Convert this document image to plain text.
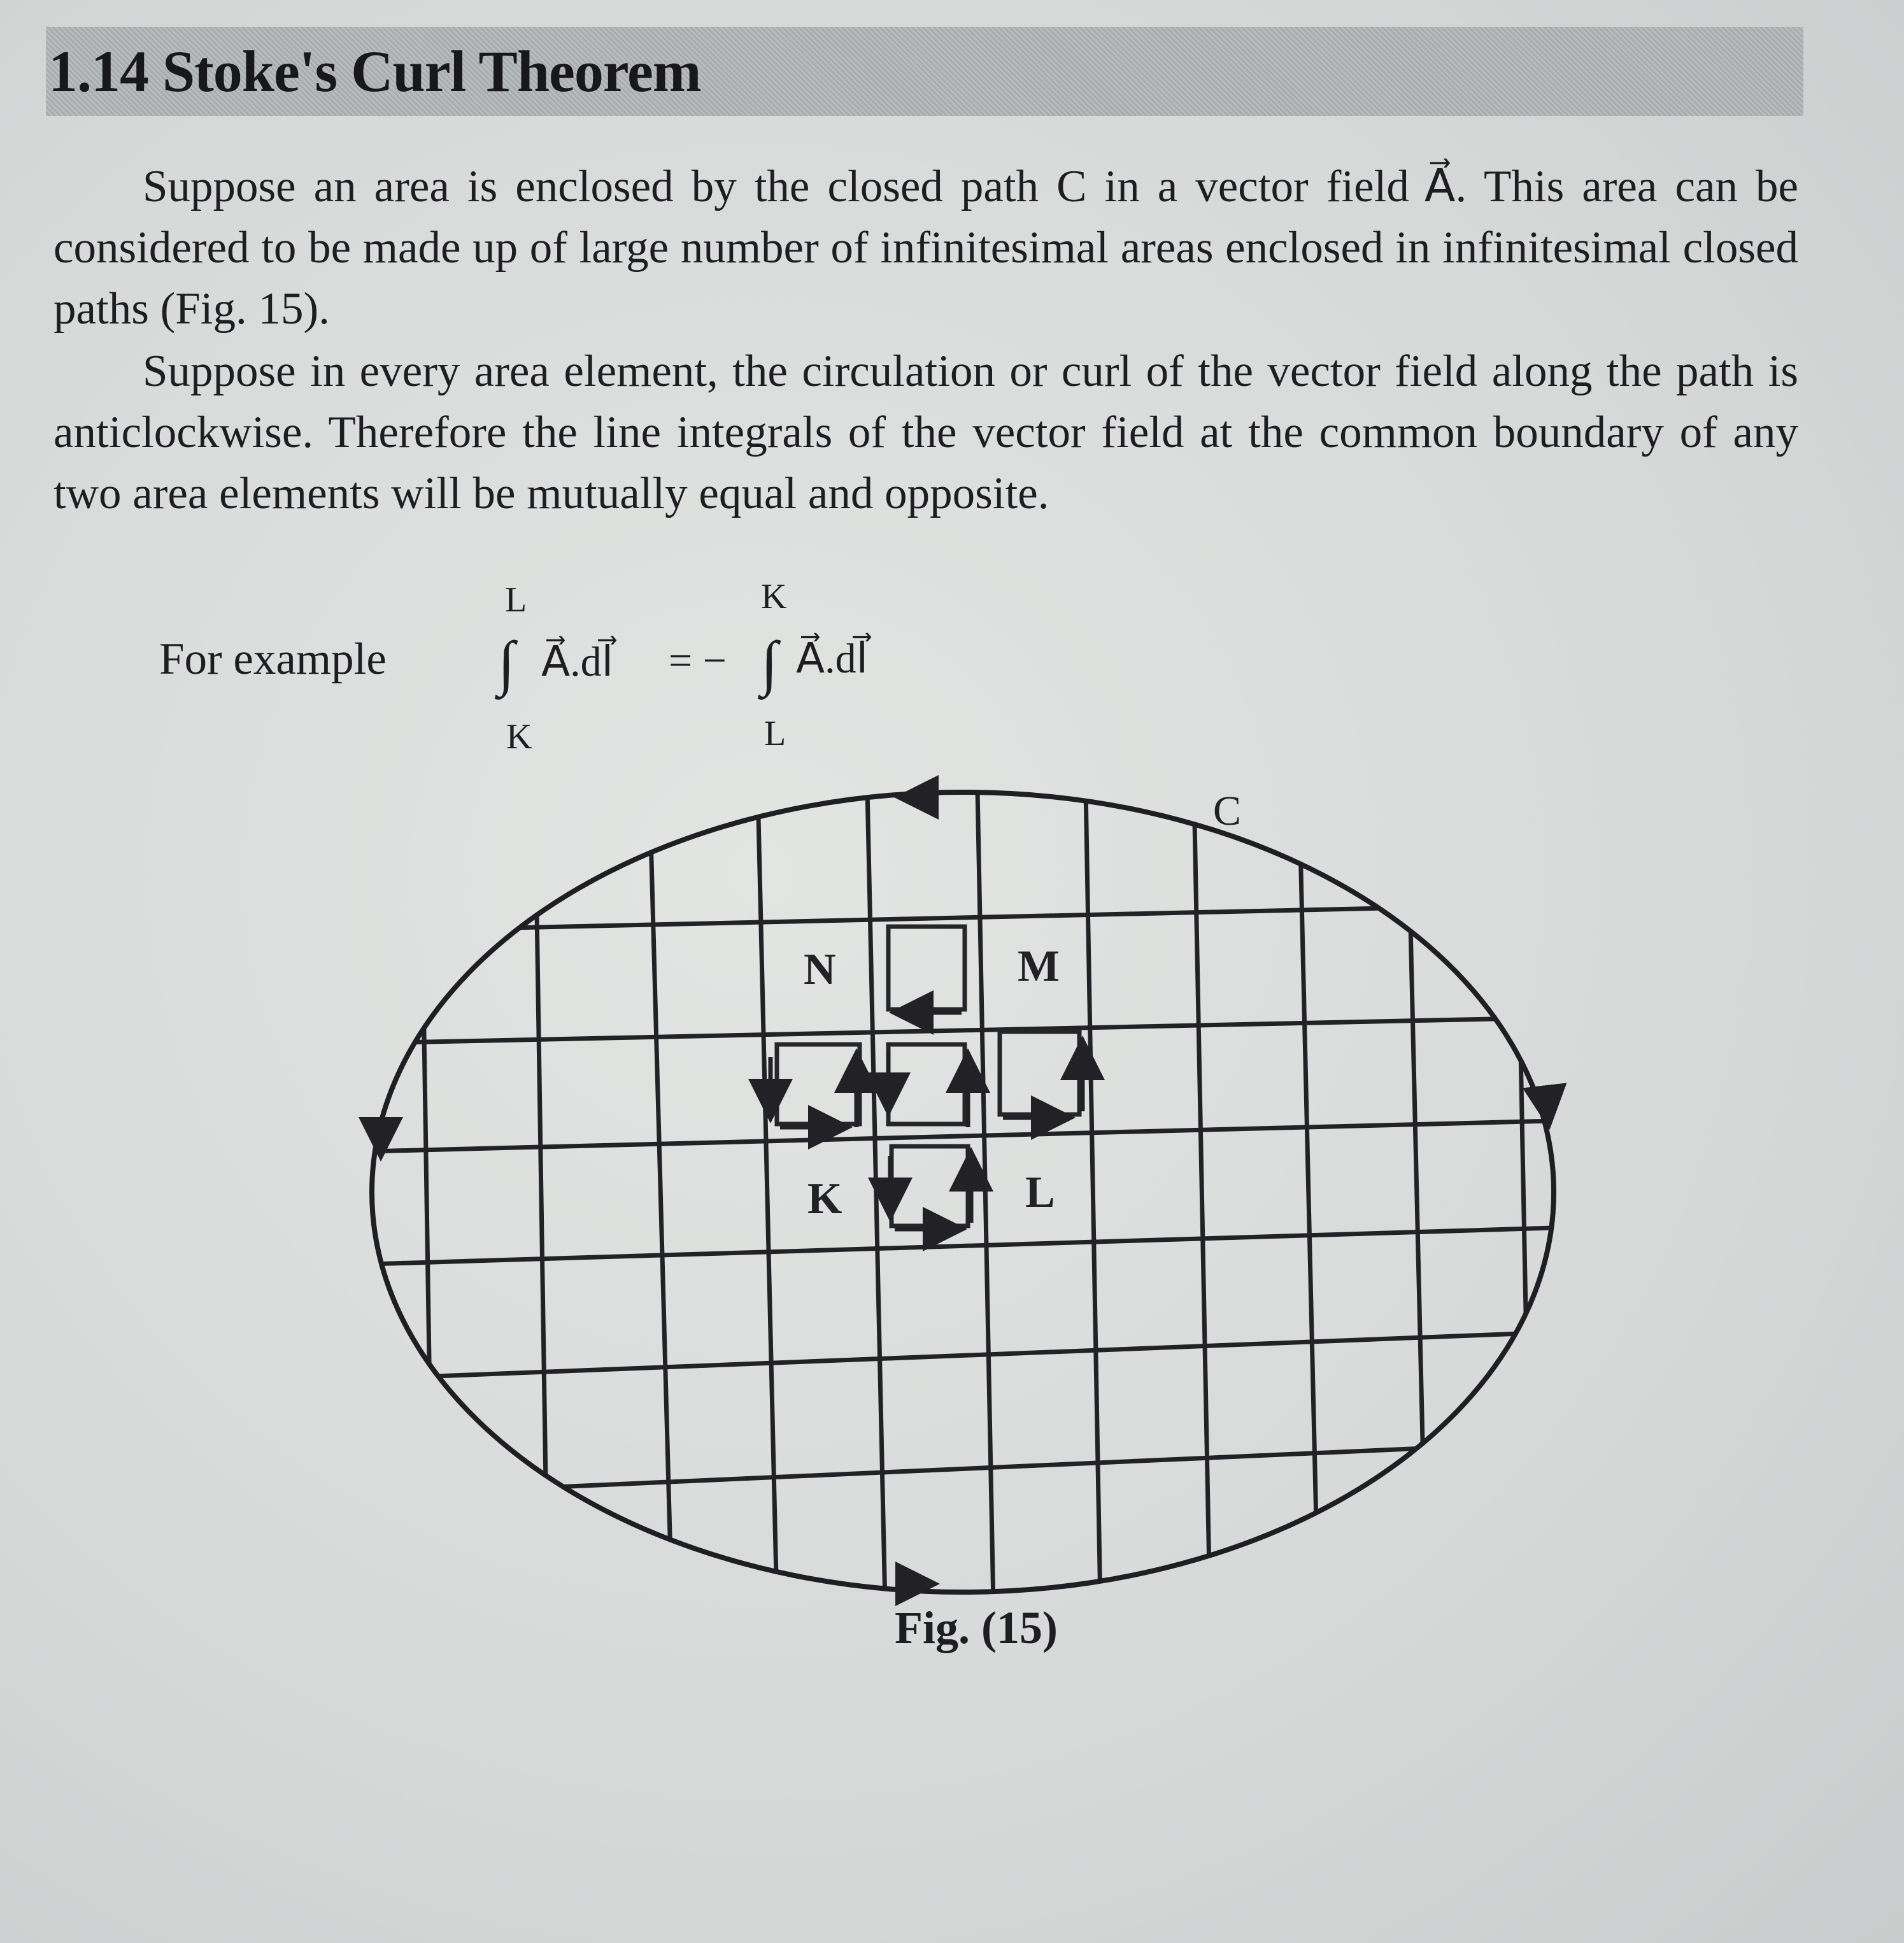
1.14 Stoke's Curl Theorem

Suppose an area is enclosed by the closed path C in a vector field A⃗. This area can be considered to be made up of large number of infinitesimal areas enclosed in infinitesimal closed paths (Fig. 15).

Suppose in every area element, the circulation or curl of the vector field along the path is anticlockwise. Therefore the line integrals of the vector field at the common boundary of any two area elements will be mutually equal and opposite.

For example
L
∫ A⃗.dl⃗
K
= −
K
∫ A⃗.dl⃗
L
C
N	M
K	L
Fig. (15)
